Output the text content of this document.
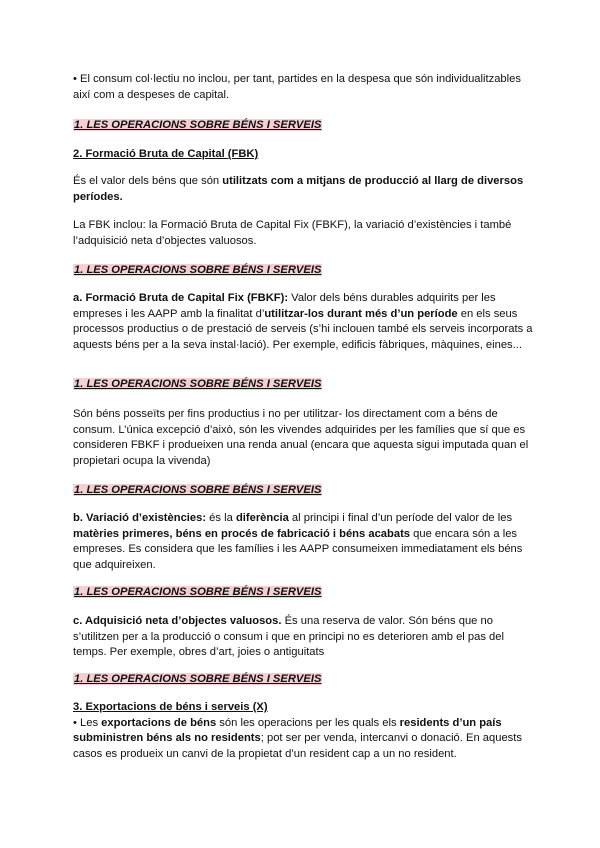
• El consum col·lectiu no inclou, per tant, partides en la despesa que són individualitzables

així com a despeses de capital.

1. LES OPERACIONS SOBRE BÉNS I SERVEIS
2. Formació Bruta de Capital (FBK)

És el valor dels béns que són utilitzats com a mitjans de producció al llarg de diversos períodes.

La FBK inclou: la Formació Bruta de Capital Fix (FBKF), la variació d’existències i també l’adquisició neta d’objectes valuosos.

1. LES OPERACIONS SOBRE BÉNS I SERVEIS

a. Formació Bruta de Capital Fix (FBKF): Valor dels béns durables adquirits per les empreses i les AAPP amb la finalitat d’utilitzar-los durant més d’un període en els seus processos productius o de prestació de serveis (s’hi inclouen també els serveis incorporats a aquests béns per a la seva instal·lació). Per exemple, edificis fàbriques, màquines, eines...

1. LES OPERACIONS SOBRE BÉNS I SERVEIS

Són béns posseïts per fins productius i no per utilitzar- los directament com a béns de consum. L’única excepció d’això, són les vivendes adquirides per les famílies que sí que es consideren FBKF i produeixen una renda anual (encara que aquesta sigui imputada quan el propietari ocupa la vivenda)

1. LES OPERACIONS SOBRE BÉNS I SERVEIS

b. Variació d’existències: és la diferència al principi i final d’un període del valor de les matèries primeres, béns en procés de fabricació i béns acabats que encara són a les empreses. Es considera que les famílies i les AAPP consumeixen immediatament els béns que adquireixen.

1. LES OPERACIONS SOBRE BÉNS I SERVEIS

c. Adquisició neta d’objectes valuosos. És una reserva de valor. Són béns que no s’utilitzen per a la producció o consum i que en principi no es deterioren amb el pas del temps. Per exemple, obres d’art, joies o antiguitats

1. LES OPERACIONS SOBRE BÉNS I SERVEIS

3. Exportacions de béns i serveis (X)

• Les exportacions de béns són les operacions per les quals els residents d’un país subministren béns als no residents; pot ser per venda, intercanvi o donació. En aquests casos es produeix un canvi de la propietat d’un resident cap a un no resident.
